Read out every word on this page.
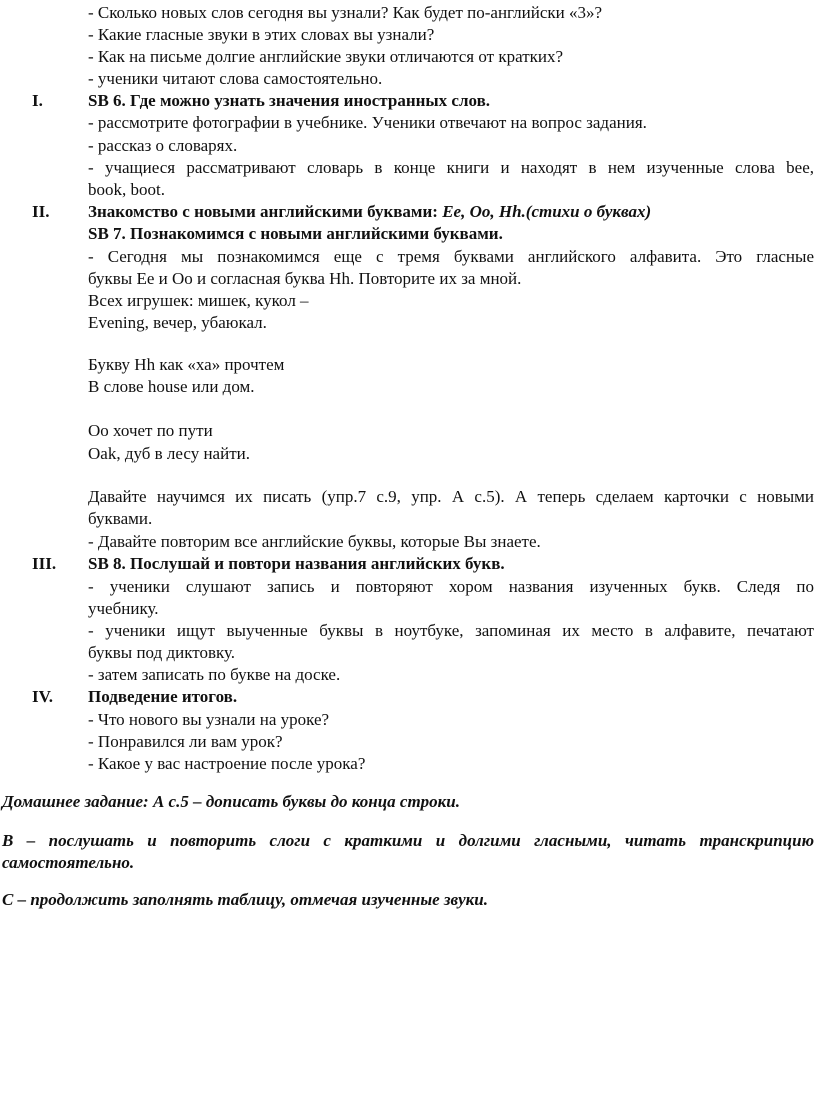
- Сколько новых слов сегодня вы узнали? Как будет по-английски «3»?
- Какие гласные звуки в этих словах вы узнали?
- Как на письме долгие английские звуки отличаются от кратких?
- ученики читают слова самостоятельно.
I.	SB 6. Где можно узнать значения иностранных слов.
- рассмотрите фотографии в учебнике. Ученики отвечают на вопрос задания.
- рассказ о словарях.
- учащиеся рассматривают словарь в конце книги и находят в нем изученные слова bee,
book, boot.
II. Знакомство с новыми английскими буквами: Ee, Oo, Hh.(стихи о буквах)
SB 7. Познакомимся с новыми английскими буквами.
- Сегодня мы познакомимся еще с тремя буквами английского алфавита. Это гласные
буквы Ee и Oo и согласная буква Hh. Повторите их за мной.
Всех игрушек: мишек, кукол –
Evening, вечер, убаюкал.
Букву Hh как «ха» прочтем
В слове house или дом.
Oo хочет по пути
Oak, дуб в лесу найти.
Давайте научимся их писать (упр.7 с.9, упр. А с.5). А теперь сделаем карточки с новыми
буквами.
- Давайте повторим все английские буквы, которые Вы знаете.
III. SB 8. Послушай и повтори названия английских букв.
- ученики слушают запись и повторяют хором названия изученных букв. Следя по
учебнику.
- ученики ищут выученные буквы в ноутбуке, запоминая их место в алфавите, печатают
буквы под диктовку.
- затем записать по букве на доске.
IV. Подведение итогов.
- Что нового вы узнали на уроке?
- Понравился ли вам урок?
- Какое у вас настроение после урока?
Домашнее задание: А с.5 – дописать буквы до конца строки.
В – послушать и повторить слоги с краткими и долгими гласными, читать транскрипцию
самостоятельно.
С – продолжить заполнять таблицу, отмечая изученные звуки.
